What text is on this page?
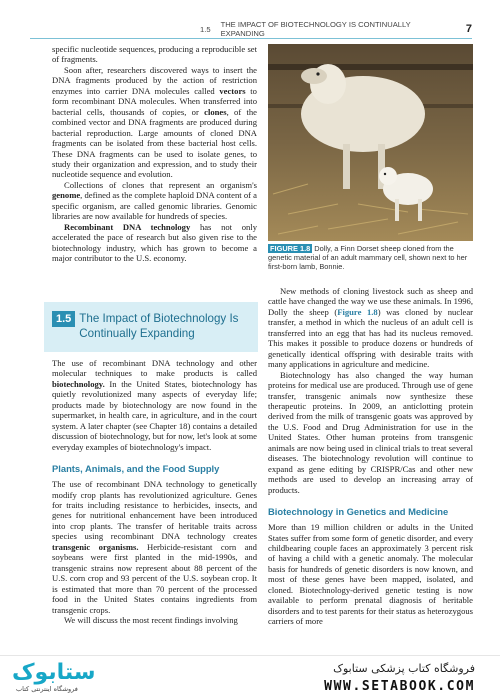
1.5 THE IMPACT OF BIOTECHNOLOGY IS CONTINUALLY EXPANDING	7

specific nucleotide sequences, producing a reproducible set of fragments.

Soon after, researchers discovered ways to insert the DNA fragments produced by the action of restriction enzymes into carrier DNA molecules called vectors to form recombinant DNA molecules. When transferred into bacterial cells, thousands of copies, or clones, of the combined vector and DNA fragments are produced during bacterial reproduction. Large amounts of cloned DNA fragments can be isolated from these bacterial host cells. These DNA fragments can be used to isolate genes, to study their organization and expression, and to study their nucleotide sequence and evolution.

Collections of clones that represent an organism's genome, defined as the complete haploid DNA content of a specific organism, are called genomic libraries. Genomic libraries are now available for hundreds of species.

Recombinant DNA technology has not only accelerated the pace of research but also given rise to the biotechnology industry, which has grown to become a major contributor to the U.S. economy.

1.5 The Impact of Biotechnology Is Continually Expanding

The use of recombinant DNA technology and other molecular techniques to make products is called biotechnology. In the United States, biotechnology has quietly revolutionized many aspects of everyday life; products made by biotechnology are now found in the supermarket, in health care, in agriculture, and in the court system. A later chapter (see Chapter 18) contains a detailed discussion of biotechnology, but for now, let's look at some everyday examples of biotechnology's impact.

Plants, Animals, and the Food Supply

The use of recombinant DNA technology to genetically modify crop plants has revolutionized agriculture. Genes for traits including resistance to herbicides, insects, and genes for nutritional enhancement have been introduced into crop plants. The transfer of heritable traits across species using recombinant DNA technology creates transgenic organisms. Herbicide-resistant corn and soybeans were first planted in the mid-1990s, and transgenic strains now represent about 88 percent of the U.S. corn crop and 93 percent of the U.S. soybean crop. It is estimated that more than 70 percent of the processed food in the United States contains ingredients from transgenic crops.

We will discuss the most recent findings involving

FIGURE 1.8 Dolly, a Finn Dorset sheep cloned from the genetic material of an adult mammary cell, shown next to her first-born lamb, Bonnie.

New methods of cloning livestock such as sheep and cattle have changed the way we use these animals. In 1996, Dolly the sheep (Figure 1.8) was cloned by nuclear transfer, a method in which the nucleus of an adult cell is transferred into an egg that has had its nucleus removed. This makes it possible to produce dozens or hundreds of genetically identical offspring with desirable traits with many applications in agriculture and medicine.

Biotechnology has also changed the way human proteins for medical use are produced. Through use of gene transfer, transgenic animals now synthesize these therapeutic proteins. In 2009, an anticlotting protein derived from the milk of transgenic goats was approved by the U.S. Food and Drug Administration for use in the United States. Other human proteins from transgenic animals are now being used in clinical trials to treat several diseases. The biotechnology revolution will continue to expand as gene editing by CRISPR/Cas and other new methods are used to develop an increasing array of products.

Biotechnology in Genetics and Medicine

More than 19 million children or adults in the United States suffer from some form of genetic disorder, and every childbearing couple faces an approximately 3 percent risk of having a child with a genetic anomaly. The molecular basis for hundreds of genetic disorders is now known, and most of these genes have been mapped, isolated, and cloned. Biotechnology-derived genetic testing is now available to perform prenatal diagnosis of heritable disorders and to test parents for their status as heterozygous carriers of more

ستابوک
فروشگاه اینترنتی کتاب
فروشگاه کتاب پزشکی ستابوک
WWW.SETABOOK.COM
